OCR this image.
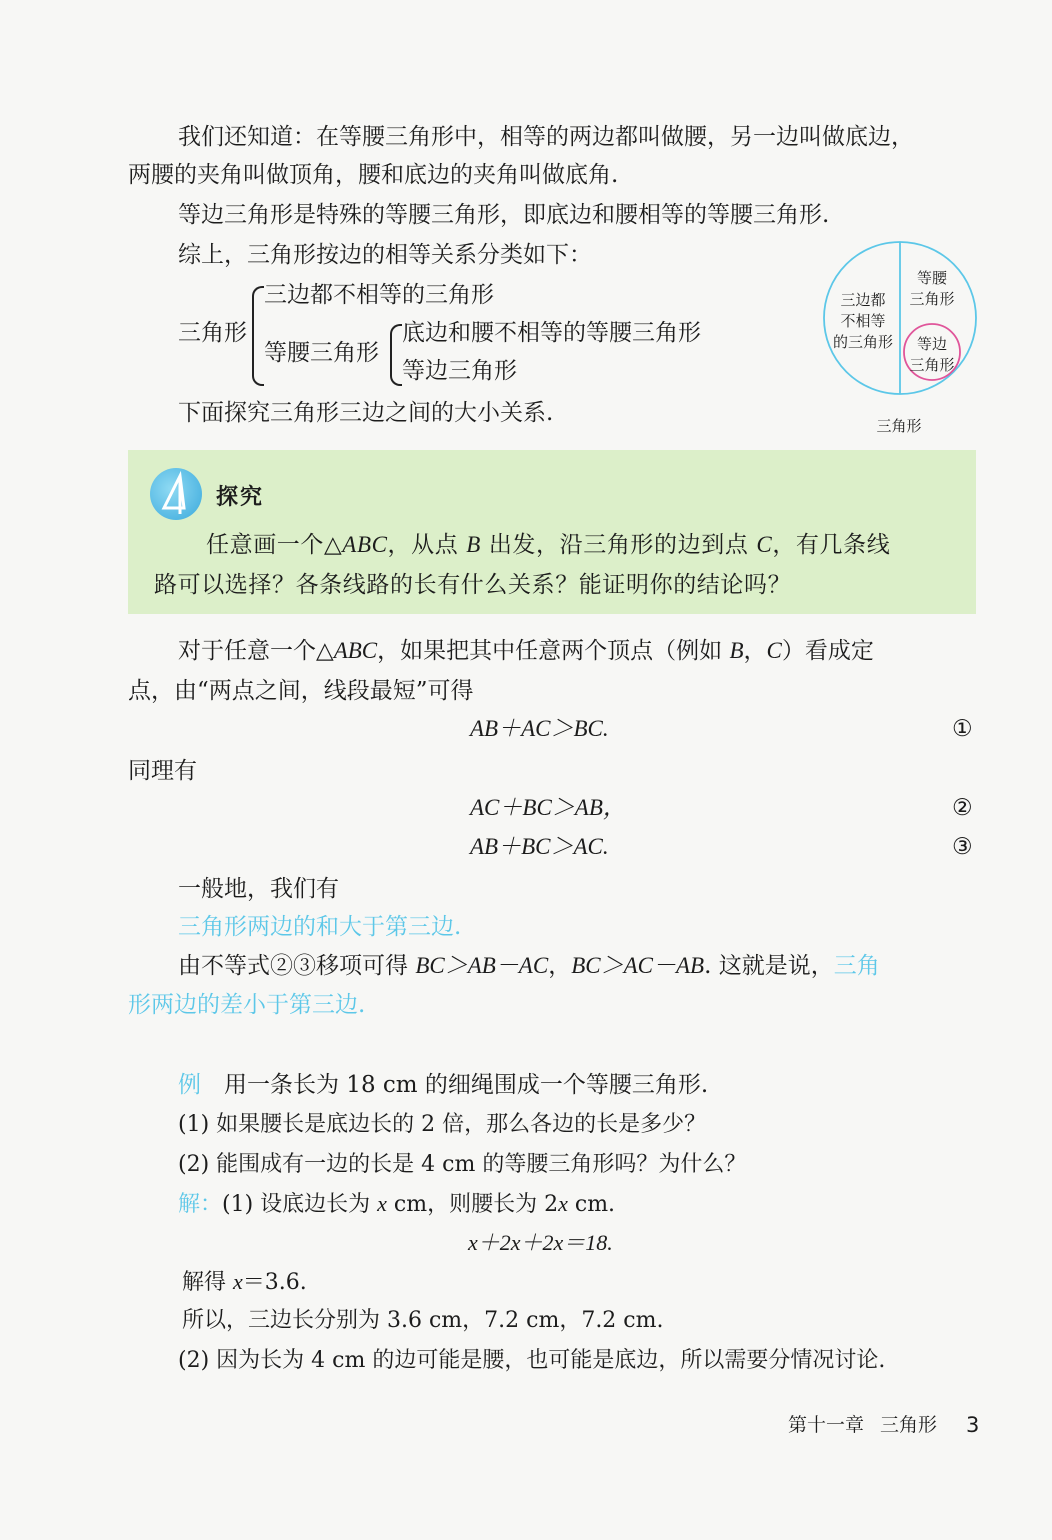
我们还知道：在等腰三角形中，相等的两边都叫做腰，另一边叫做底边，
两腰的夹角叫做顶角，腰和底边的夹角叫做底角.
等边三角形是特殊的等腰三角形，即底边和腰相等的等腰三角形.
综上，三角形按边的相等关系分类如下：
三角形
三边都不相等的三角形
等腰三角形
底边和腰不相等的等腰三角形
等边三角形
三边都
不相等
的三角形
等腰
三角形
等边
三角形
三角形
下面探究三角形三边之间的大小关系.
探究
任意画一个△ABC，从点 B 出发，沿三角形的边到点 C，有几条线
路可以选择？各条线路的长有什么关系？能证明你的结论吗？
对于任意一个△ABC，如果把其中任意两个顶点（例如 B，C）看成定
点，由“两点之间，线段最短”可得
AB＋AC＞BC.	①
同理有
AC＋BC＞AB，	②
AB＋BC＞AC.	③
一般地，我们有
三角形两边的和大于第三边.
由不等式②③移项可得 BC＞AB－AC，BC＞AC－AB. 这就是说，三角
形两边的差小于第三边.
例　 用一条长为 18 cm 的细绳围成一个等腰三角形.
(1) 如果腰长是底边长的 2 倍，那么各边的长是多少？
(2) 能围成有一边的长是 4 cm 的等腰三角形吗？为什么？
解：(1) 设底边长为 x cm，则腰长为 2x cm.
x＋2x＋2x＝18.
解得 x＝3.6.
所以，三边长分别为 3.6 cm，7.2 cm，7.2 cm.
(2) 因为长为 4 cm 的边可能是腰，也可能是底边，所以需要分情况讨论.
第十一章 三角形 3
